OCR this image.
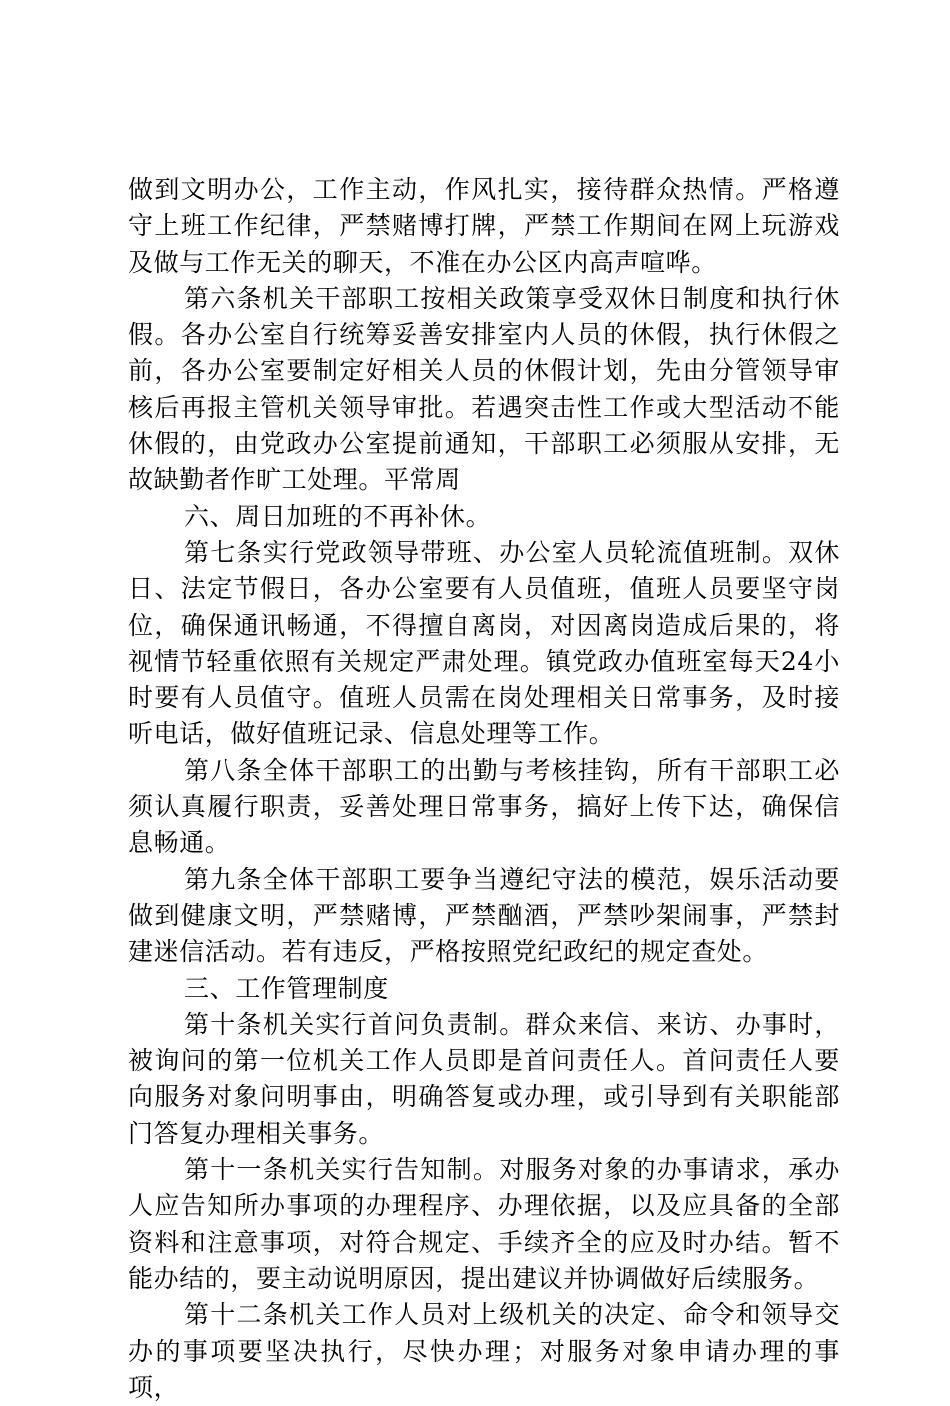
做到文明办公，工作主动，作风扎实，接待群众热情。严格遵守上班工作纪律，严禁赌博打牌，严禁工作期间在网上玩游戏及做与工作无关的聊天，不准在办公区内高声喧哗。

第六条机关干部职工按相关政策享受双休日制度和执行休假。各办公室自行统筹妥善安排室内人员的休假，执行休假之前，各办公室要制定好相关人员的休假计划，先由分管领导审核后再报主管机关领导审批。若遇突击性工作或大型活动不能休假的，由党政办公室提前通知，干部职工必须服从安排，无故缺勤者作旷工处理。平常周

六、周日加班的不再补休。

第七条实行党政领导带班、办公室人员轮流值班制。双休日、法定节假日，各办公室要有人员值班，值班人员要坚守岗位，确保通讯畅通，不得擅自离岗，对因离岗造成后果的，将视情节轻重依照有关规定严肃处理。镇党政办值班室每天24小时要有人员值守。值班人员需在岗处理相关日常事务，及时接听电话，做好值班记录、信息处理等工作。

第八条全体干部职工的出勤与考核挂钩，所有干部职工必须认真履行职责，妥善处理日常事务，搞好上传下达，确保信息畅通。

第九条全体干部职工要争当遵纪守法的模范，娱乐活动要做到健康文明，严禁赌博，严禁酗酒，严禁吵架闹事，严禁封建迷信活动。若有违反，严格按照党纪政纪的规定查处。

三、工作管理制度

第十条机关实行首问负责制。群众来信、来访、办事时，被询问的第一位机关工作人员即是首问责任人。首问责任人要向服务对象问明事由，明确答复或办理，或引导到有关职能部门答复办理相关事务。

第十一条机关实行告知制。对服务对象的办事请求，承办人应告知所办事项的办理程序、办理依据，以及应具备的全部资料和注意事项，对符合规定、手续齐全的应及时办结。暂不能办结的，要主动说明原因，提出建议并协调做好后续服务。

第十二条机关工作人员对上级机关的决定、命令和领导交办的事项要坚决执行，尽快办理；对服务对象申请办理的事项，
